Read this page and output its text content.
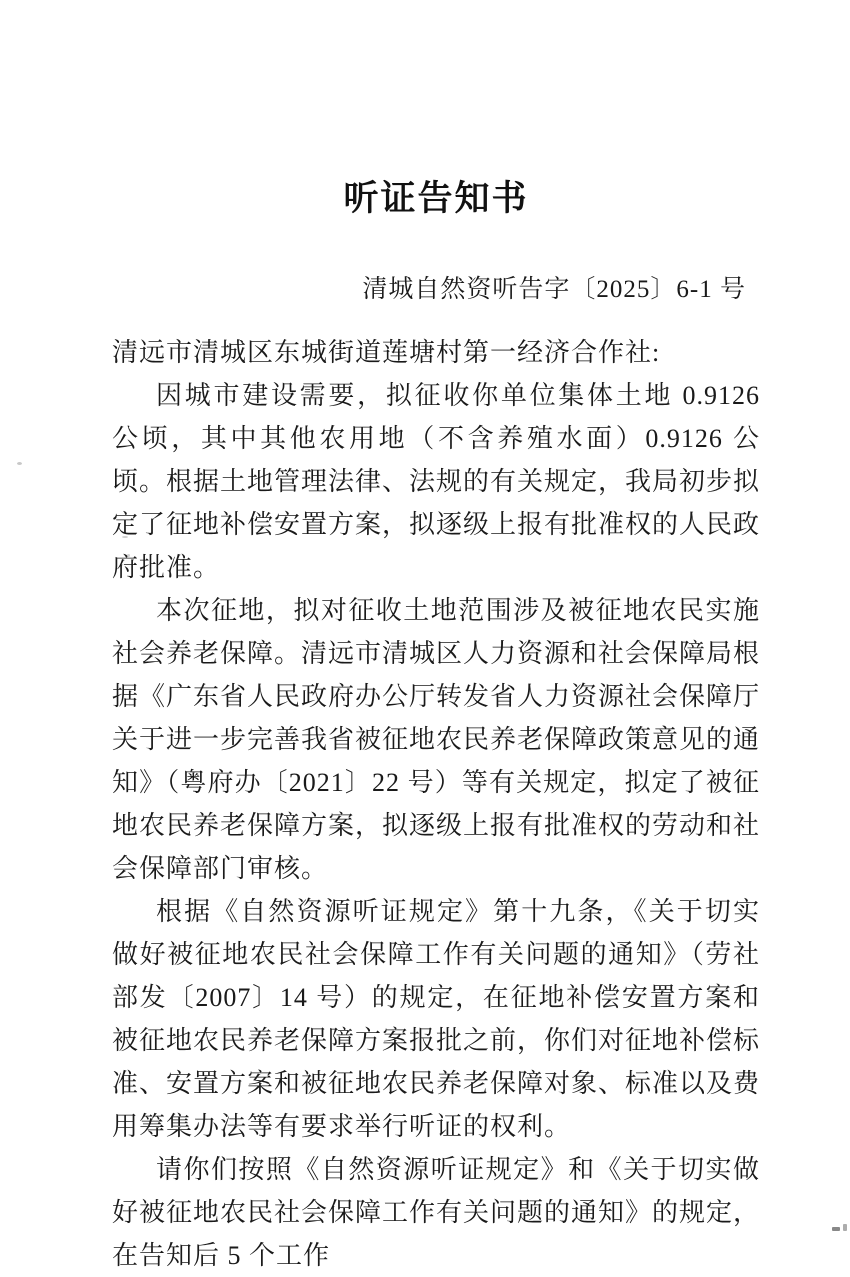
听证告知书
清城自然资听告字〔2025〕6-1 号
清远市清城区东城街道莲塘村第一经济合作社:

因城市建设需要，拟征收你单位集体土地 0.9126 公顷，其中其他农用地（不含养殖水面）0.9126 公顷。根据土地管理法律、法规的有关规定，我局初步拟定了征地补偿安置方案，拟逐级上报有批准权的人民政府批准。

本次征地，拟对征收土地范围涉及被征地农民实施社会养老保障。清远市清城区人力资源和社会保障局根据《广东省人民政府办公厅转发省人力资源社会保障厅关于进一步完善我省被征地农民养老保障政策意见的通知》（粤府办〔2021〕22 号）等有关规定，拟定了被征地农民养老保障方案，拟逐级上报有批准权的劳动和社会保障部门审核。

根据《自然资源听证规定》第十九条，《关于切实做好被征地农民社会保障工作有关问题的通知》（劳社部发〔2007〕14 号）的规定，在征地补偿安置方案和被征地农民养老保障方案报批之前，你们对征地补偿标准、安置方案和被征地农民养老保障对象、标准以及费用筹集办法等有要求举行听证的权利。

请你们按照《自然资源听证规定》和《关于切实做好被征地农民社会保障工作有关问题的通知》的规定，在告知后 5 个工作
